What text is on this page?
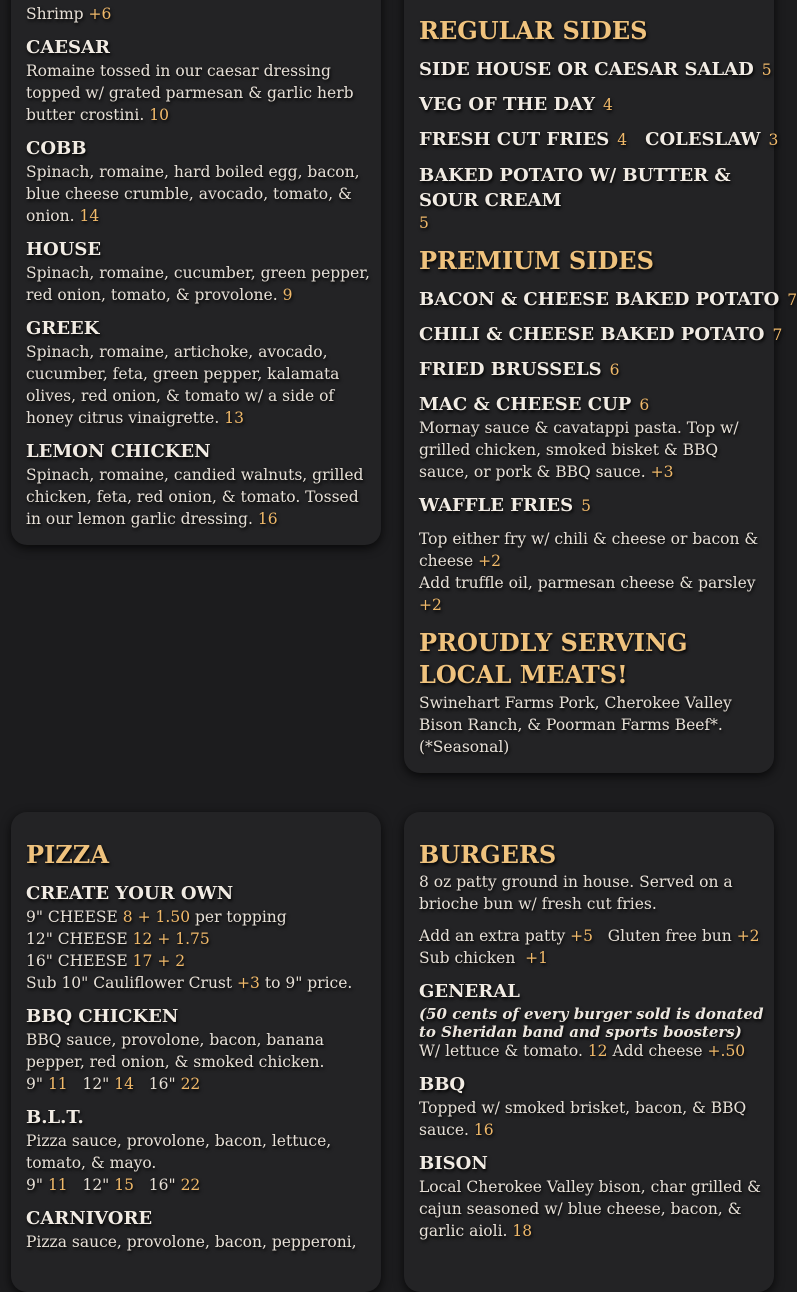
Shrimp +6
CAESAR
Romaine tossed in our caesar dressing topped w/ grated parmesan & garlic herb butter crostini. 10
COBB
Spinach, romaine, hard boiled egg, bacon, blue cheese crumble, avocado, tomato, & onion. 14
HOUSE
Spinach, romaine, cucumber, green pepper, red onion, tomato, & provolone. 9
GREEK
Spinach, romaine, artichoke, avocado, cucumber, feta, green pepper, kalamata olives, red onion, & tomato w/ a side of honey citrus vinaigrette. 13
LEMON CHICKEN
Spinach, romaine, candied walnuts, grilled chicken, feta, red onion, & tomato. Tossed in our lemon garlic dressing. 16
REGULAR SIDES
SIDE HOUSE OR CAESAR SALAD 5
VEG OF THE DAY 4
FRESH CUT FRIES 4 COLESLAW 3
BAKED POTATO W/ BUTTER & SOUR CREAM
5
PREMIUM SIDES
BACON & CHEESE BAKED POTATO 7
CHILI & CHEESE BAKED POTATO 7
FRIED BRUSSELS 6
MAC & CHEESE CUP 6
Mornay sauce & cavatappi pasta. Top w/ grilled chicken, smoked bisket & BBQ sauce, or pork & BBQ sauce. +3
WAFFLE FRIES 5
Top either fry w/ chili & cheese or bacon & cheese +2
Add truffle oil, parmesan cheese & parsley +2
PROUDLY SERVING LOCAL MEATS!
Swinehart Farms Pork, Cherokee Valley Bison Ranch, & Poorman Farms Beef*. (*Seasonal)
PIZZA
CREATE YOUR OWN
9" CHEESE 8 + 1.50 per topping
12" CHEESE 12 + 1.75
16" CHEESE 17 + 2
Sub 10" Cauliflower Crust +3 to 9" price.
BBQ CHICKEN
BBQ sauce, provolone, bacon, banana pepper, red onion, & smoked chicken.
9" 11 12" 14 16" 22
B.L.T.
Pizza sauce, provolone, bacon, lettuce, tomato, & mayo.
9" 11 12" 15 16" 22
CARNIVORE
Pizza sauce, provolone, bacon, pepperoni,
BURGERS
8 oz patty ground in house. Served on a brioche bun w/ fresh cut fries.
Add an extra patty +5 Gluten free bun +2
Sub chicken +1
GENERAL
(50 cents of every burger sold is donated to Sheridan band and sports boosters)
W/ lettuce & tomato. 12 Add cheese +.50
BBQ
Topped w/ smoked brisket, bacon, & BBQ sauce. 16
BISON
Local Cherokee Valley bison, char grilled & cajun seasoned w/ blue cheese, bacon, & garlic aioli. 18
